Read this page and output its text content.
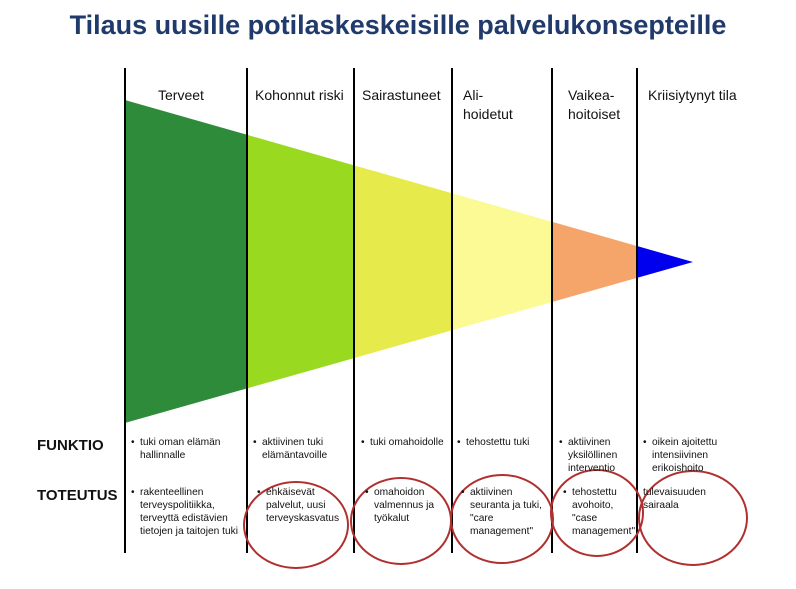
Tilaus uusille potilaskeskeisille palvelukonsepteille
FUNKTIO
TOTEUTUS
• tuki oman elämän hallinnalle
• rakenteellinen terveyspolitiikka, terveyttä edistävien tietojen ja taitojen tuki
• aktiivinen tuki elämäntavoille
• ehkäisevät palvelut, uusi terveyskasvatus
• tuki omahoidolle
• omahoidon valmennus ja työkalut
• tehostettu tuki
• aktiivinen seuranta ja tuki, "care management"
• aktiivinen yksilöllinen interventio
• tehostettu avohoito, "case management"
• oikein ajoitettu intensiivinen erikoishoito
tulevaisuuden sairaala
Terveet	Kohonnut riski Sairastuneet Ali-
hoidetut
Vaikea-
hoitoiset
Kriisiytynyt tila
